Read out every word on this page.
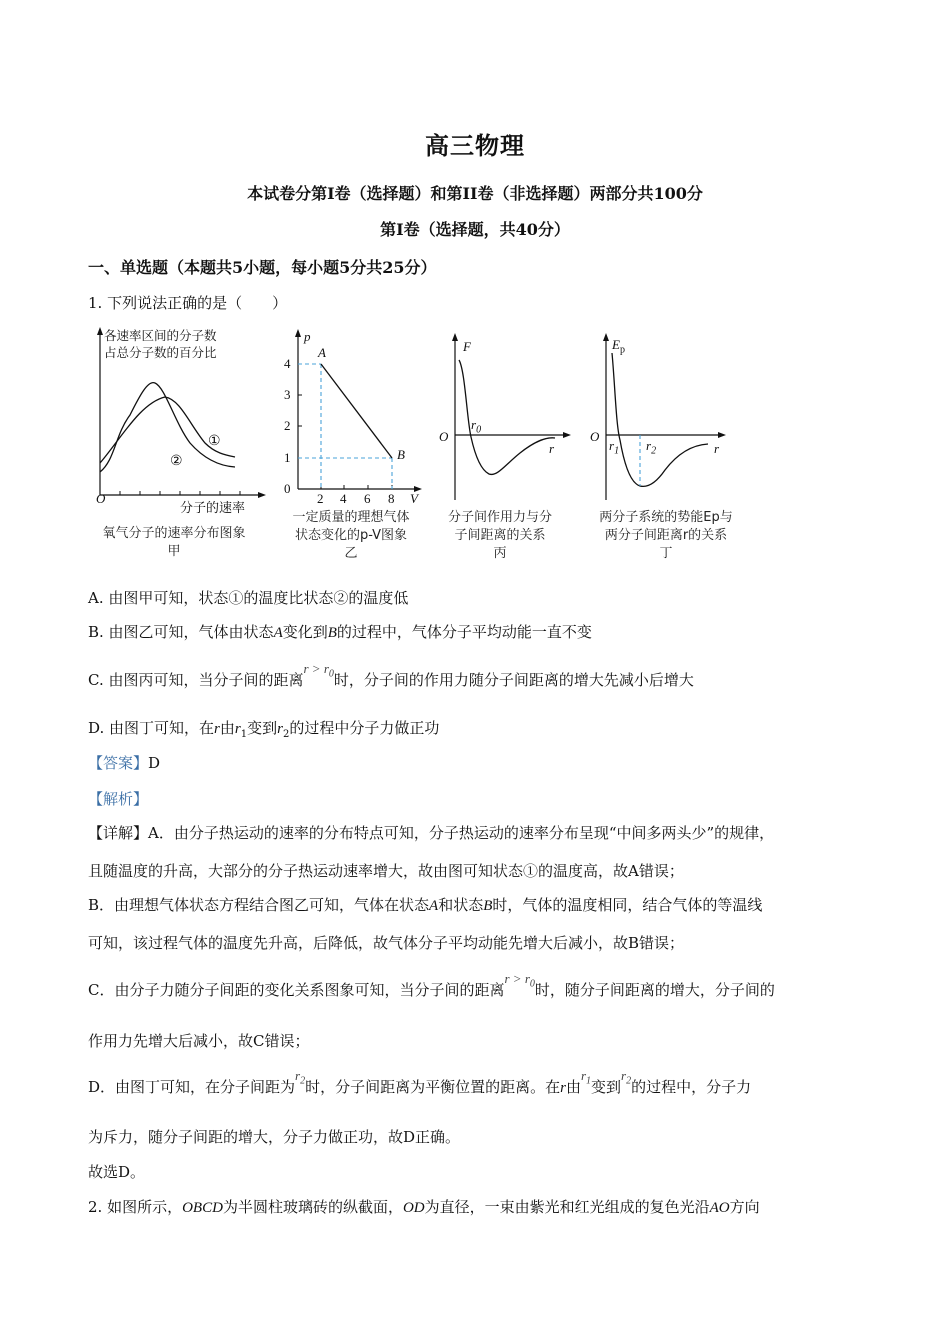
高三物理
本试卷分第I卷（选择题）和第II卷（非选择题）两部分共100分
第I卷（选择题，共40分）
一、单选题（本题共5小题，每小题5分共25分）
1. 下列说法正确的是（　　）
各速率区间的分子数
占总分子数的百分比
O
①
②
分子的速率
氧气分子的速率分布图象
甲
p
A
B
0
1
2
3
4
2 4 6 8 V
一定质量的理想气体
状态变化的p-V图象
乙
F
O
$r_0$
r
分子间作用力与分
子间距离的关系
丙
$E_p$
O
$r_1$ $r_2$	r
两分子系统的势能Ep与
两分子间距离r的关系
丁
A. 由图甲可知，状态①的温度比状态②的温度低
B. 由图乙可知，气体由状态A变化到B的过程中，气体分子平均动能一直不变
C. 由图丙可知，当分子间的距离$r > r_0$时，分子间的作用力随分子间距离的增大先减小后增大
D. 由图丁可知，在r由$r_1$变到$r_2$的过程中分子力做正功
【答案】D
【解析】
【详解】A．由分子热运动的速率的分布特点可知，分子热运动的速率分布呈现“中间多两头少”的规律，
且随温度的升高，大部分的分子热运动速率增大，故由图可知状态①的温度高，故A错误；
B．由理想气体状态方程结合图乙可知，气体在状态A和状态B时，气体的温度相同，结合气体的等温线
可知，该过程气体的温度先升高，后降低，故气体分子平均动能先增大后减小，故B错误；
C．由分子力随分子间距的变化关系图象可知，当分子间的距离$r > r_0$时，随分子间距离的增大，分子间的
作用力先增大后减小，故C错误；
D．由图丁可知，在分子间距为$r_2$时，分子间距离为平衡位置的距离。在r由$r_1$变到$r_2$的过程中，分子力
为斥力，随分子间距的增大，分子力做正功，故D正确。
故选D。
2. 如图所示，OBCD为半圆柱玻璃砖的纵截面，OD为直径，一束由紫光和红光组成的复色光沿AO方向
